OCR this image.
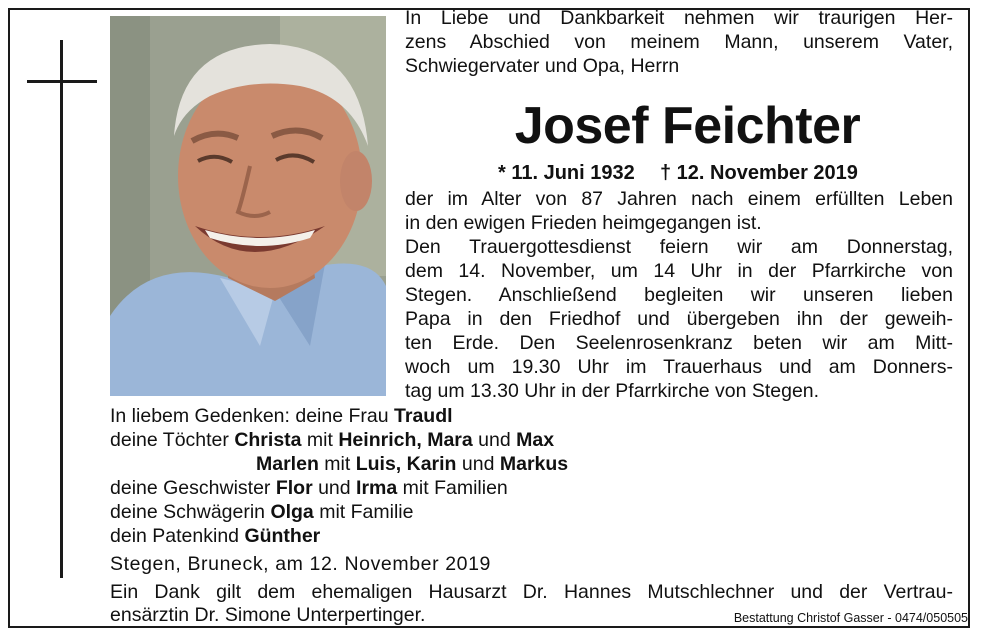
In Liebe und Dankbarkeit nehmen wir traurigen Her-
zens Abschied von meinem Mann, unserem Vater,
Schwiegervater und Opa, Herrn
Josef Feichter
* 11. Juni 1932 † 12. November 2019
der im Alter von 87 Jahren nach einem erfüllten Leben
in den ewigen Frieden heimgegangen ist.
Den Trauergottesdienst feiern wir am Donnerstag,
dem 14. November, um 14 Uhr in der Pfarrkirche von
Stegen. Anschließend begleiten wir unseren lieben
Papa in den Friedhof und übergeben ihn der geweih-
ten Erde. Den Seelenrosenkranz beten wir am Mitt-
woch um 19.30 Uhr im Trauerhaus und am Donners-
tag um 13.30 Uhr in der Pfarrkirche von Stegen.
In liebem Gedenken: deine Frau Traudl
deine Töchter Christa mit Heinrich, Mara und Max
Marlen mit Luis, Karin und Markus
deine Geschwister Flor und Irma mit Familien
deine Schwägerin Olga mit Familie
dein Patenkind Günther
Stegen, Bruneck, am 12. November 2019
Ein Dank gilt dem ehemaligen Hausarzt Dr. Hannes Mutschlechner und der Vertrau-
ensärztin Dr. Simone Unterpertinger.	Bestattung Christof Gasser - 0474/050505
